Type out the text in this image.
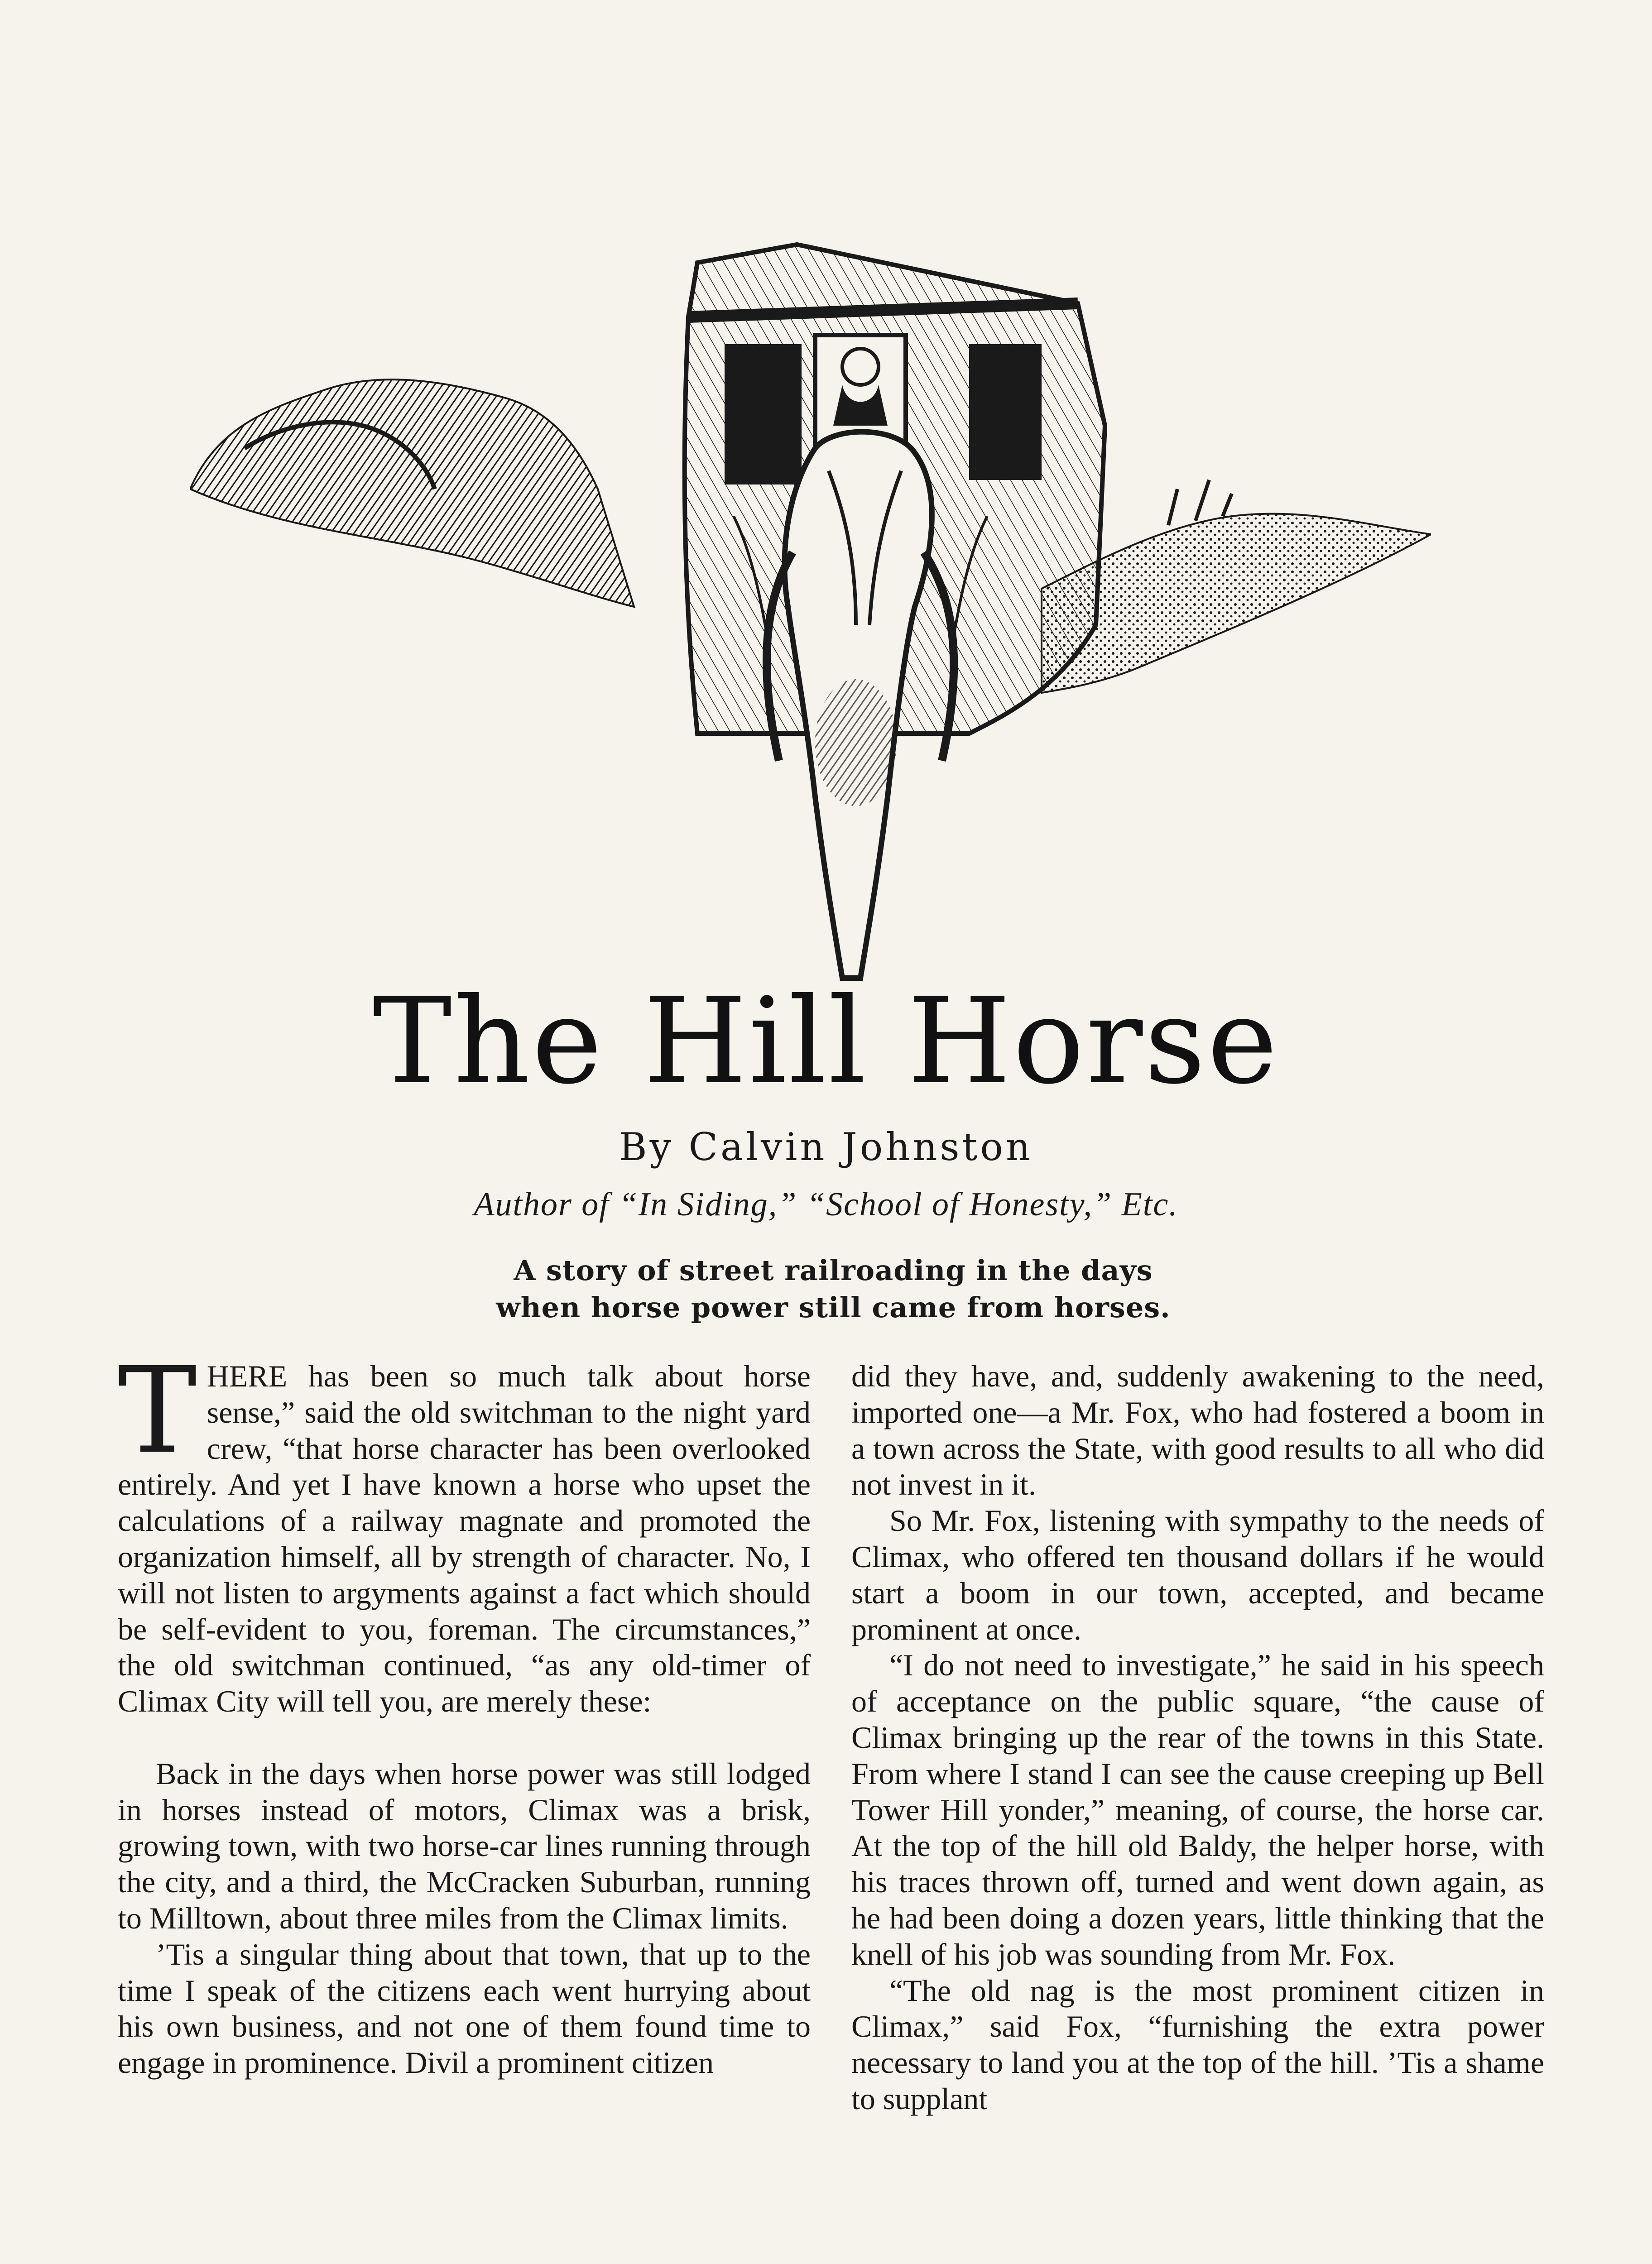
The Hill Horse
By Calvin Johnston
Author of “In Siding,” “School of Honesty,” Etc.
A story of street railroading in the days
when horse power still came from horses.

THERE has been so much talk about horse sense,” said the old switchman to the night yard crew, “that horse character has been overlooked entirely. And yet I have known a horse who upset the calculations of a railway magnate and promoted the organization himself, all by strength of character. No, I will not listen to argyments against a fact which should be self-evident to you, foreman. The circumstances,” the old switchman continued, “as any old-timer of Climax City will tell you, are merely these:

Back in the days when horse power was still lodged in horses instead of motors, Climax was a brisk, growing town, with two horse-car lines running through the city, and a third, the McCracken Suburban, running to Milltown, about three miles from the Climax limits.

’Tis a singular thing about that town, that up to the time I speak of the citizens each went hurrying about his own business, and not one of them found time to engage in prominence. Divil a prominent citizen

did they have, and, suddenly awakening to the need, imported one—a Mr. Fox, who had fostered a boom in a town across the State, with good results to all who did not invest in it.

So Mr. Fox, listening with sympathy to the needs of Climax, who offered ten thousand dollars if he would start a boom in our town, accepted, and became prominent at once.

“I do not need to investigate,” he said in his speech of acceptance on the public square, “the cause of Climax bringing up the rear of the towns in this State. From where I stand I can see the cause creeping up Bell Tower Hill yonder,” meaning, of course, the horse car. At the top of the hill old Baldy, the helper horse, with his traces thrown off, turned and went down again, as he had been doing a dozen years, little thinking that the knell of his job was sounding from Mr. Fox.

“The old nag is the most prominent citizen in Climax,” said Fox, “furnishing the extra power necessary to land you at the top of the hill. ’Tis a shame to supplant
